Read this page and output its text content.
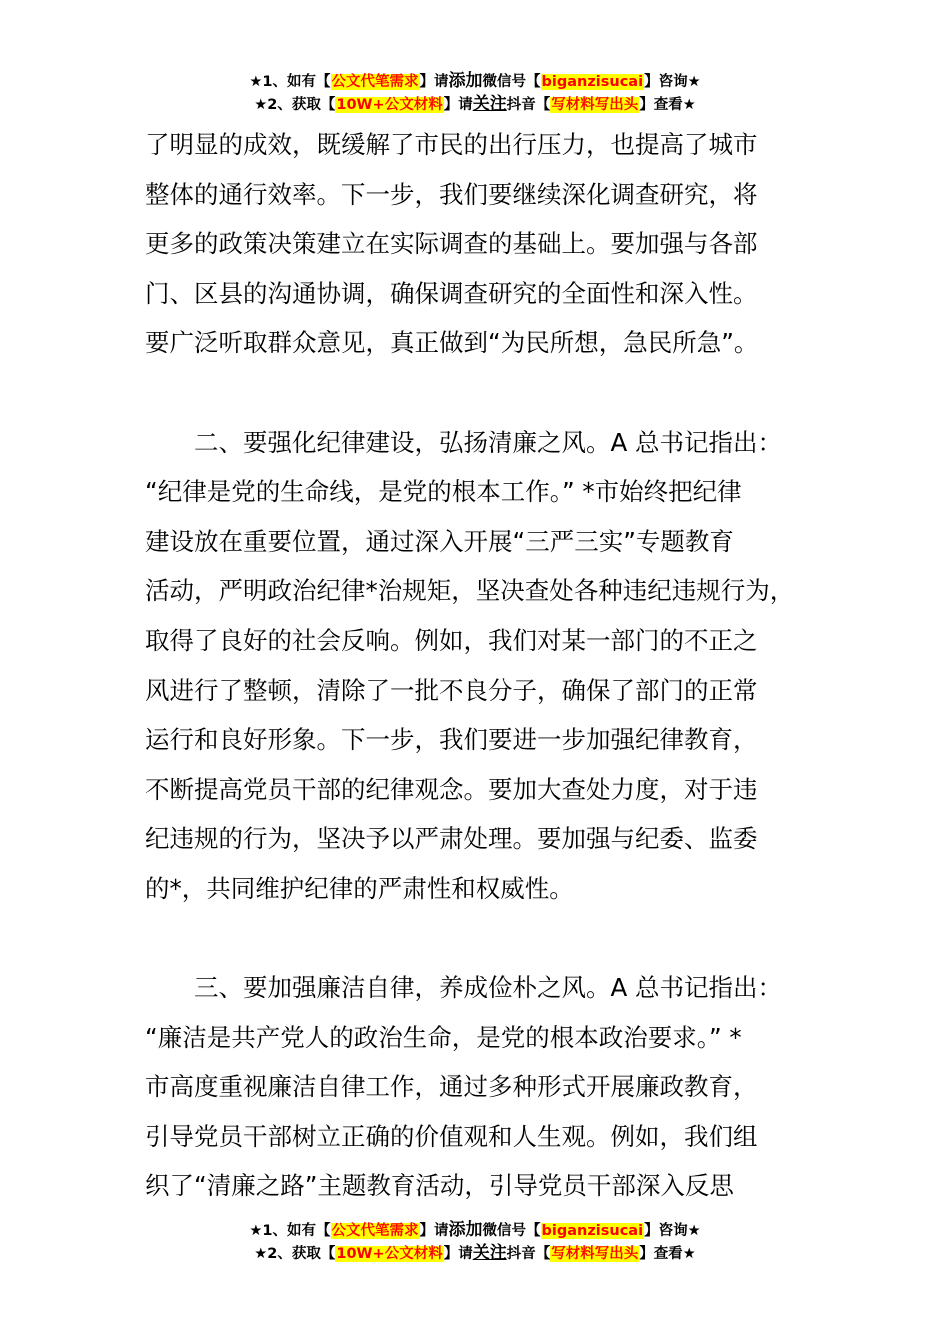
★1、如有【公文代笔需求】请添加微信号【biganzisucai】咨询★
★2、获取【10W+公文材料】请关注抖音【写材料写出头】查看★

了明显的成效，既缓解了市民的出行压力，也提高了城市
整体的通行效率。下一步，我们要继续深化调查研究，将
更多的政策决策建立在实际调查的基础上。要加强与各部
门、区县的沟通协调，确保调查研究的全面性和深入性。
要广泛听取群众意见，真正做到“为民所想，急民所急”。

二、要强化纪律建设，弘扬清廉之风。A 总书记指出：
“纪律是党的生命线，是党的根本工作。” *市始终把纪律
建设放在重要位置，通过深入开展“三严三实”专题教育
活动，严明政治纪律*治规矩，坚决查处各种违纪违规行为，
取得了良好的社会反响。例如，我们对某一部门的不正之
风进行了整顿，清除了一批不良分子，确保了部门的正常
运行和良好形象。下一步，我们要进一步加强纪律教育，
不断提高党员干部的纪律观念。要加大查处力度，对于违
纪违规的行为，坚决予以严肃处理。要加强与纪委、监委
的*，共同维护纪律的严肃性和权威性。

三、要加强廉洁自律，养成俭朴之风。A 总书记指出：
“廉洁是共产党人的政治生命，是党的根本政治要求。” *
市高度重视廉洁自律工作，通过多种形式开展廉政教育，
引导党员干部树立正确的价值观和人生观。例如，我们组
织了“清廉之路”主题教育活动，引导党员干部深入反思

★1、如有【公文代笔需求】请添加微信号【biganzisucai】咨询★
★2、获取【10W+公文材料】请关注抖音【写材料写出头】查看★
